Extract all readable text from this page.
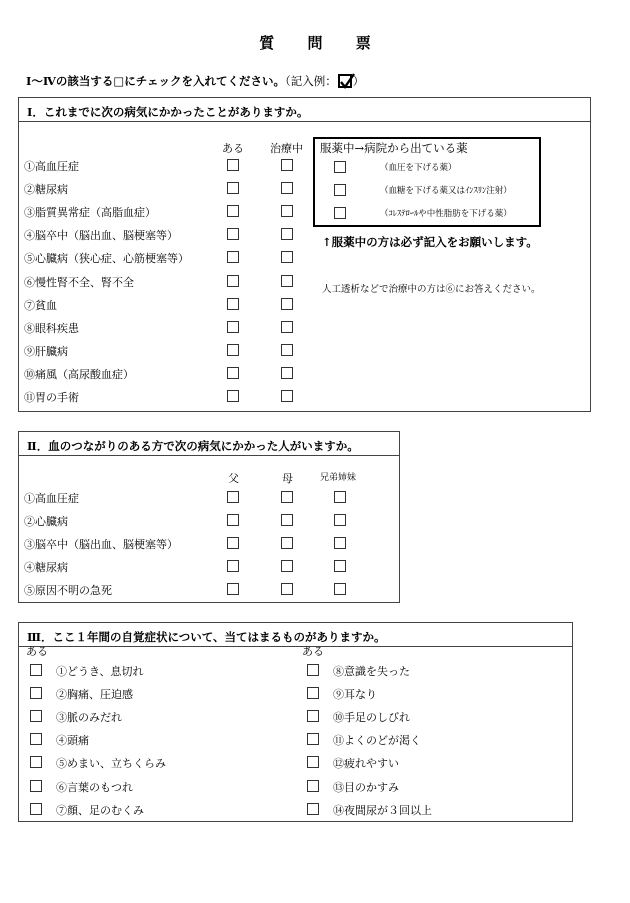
質 問 票
Ⅰ～Ⅳの該当する□にチェックを入れてください。（記入例： ）
Ⅰ．これまでに次の病気にかかったことがありますか。
ある 治療中 服薬中→病院から出ている薬
（血圧を下げる薬）
（血糖を下げる薬又はｲﾝｽﾘﾝ注射）
（ｺﾚｽﾃﾛｰﾙや中性脂肪を下げる薬）
↑服薬中の方は必ず記入をお願いします。
人工透析などで治療中の方は⑥にお答えください。
①高血圧症
②糖尿病
③脂質異常症（高脂血症）
④脳卒中（脳出血、脳梗塞等）
⑤心臓病（狭心症、心筋梗塞等）
⑥慢性腎不全、腎不全
⑦貧血
⑧眼科疾患
⑨肝臓病
⑩痛風（高尿酸血症）
⑪胃の手術
Ⅱ．血のつながりのある方で次の病気にかかった人がいますか。
父	母	兄弟姉妹
①高血圧症
②心臓病
③脳卒中（脳出血、脳梗塞等）
④糖尿病
⑤原因不明の急死
Ⅲ．ここ１年間の自覚症状について、当てはまるものがありますか。
ある	ある
①どうき、息切れ
②胸痛、圧迫感
③脈のみだれ
④頭痛
⑤めまい、立ちくらみ
⑥言葉のもつれ
⑦顔、足のむくみ
⑧意識を失った
⑨耳なり
⑩手足のしびれ
⑪よくのどが渇く
⑫疲れやすい
⑬目のかすみ
⑭夜間尿が３回以上
